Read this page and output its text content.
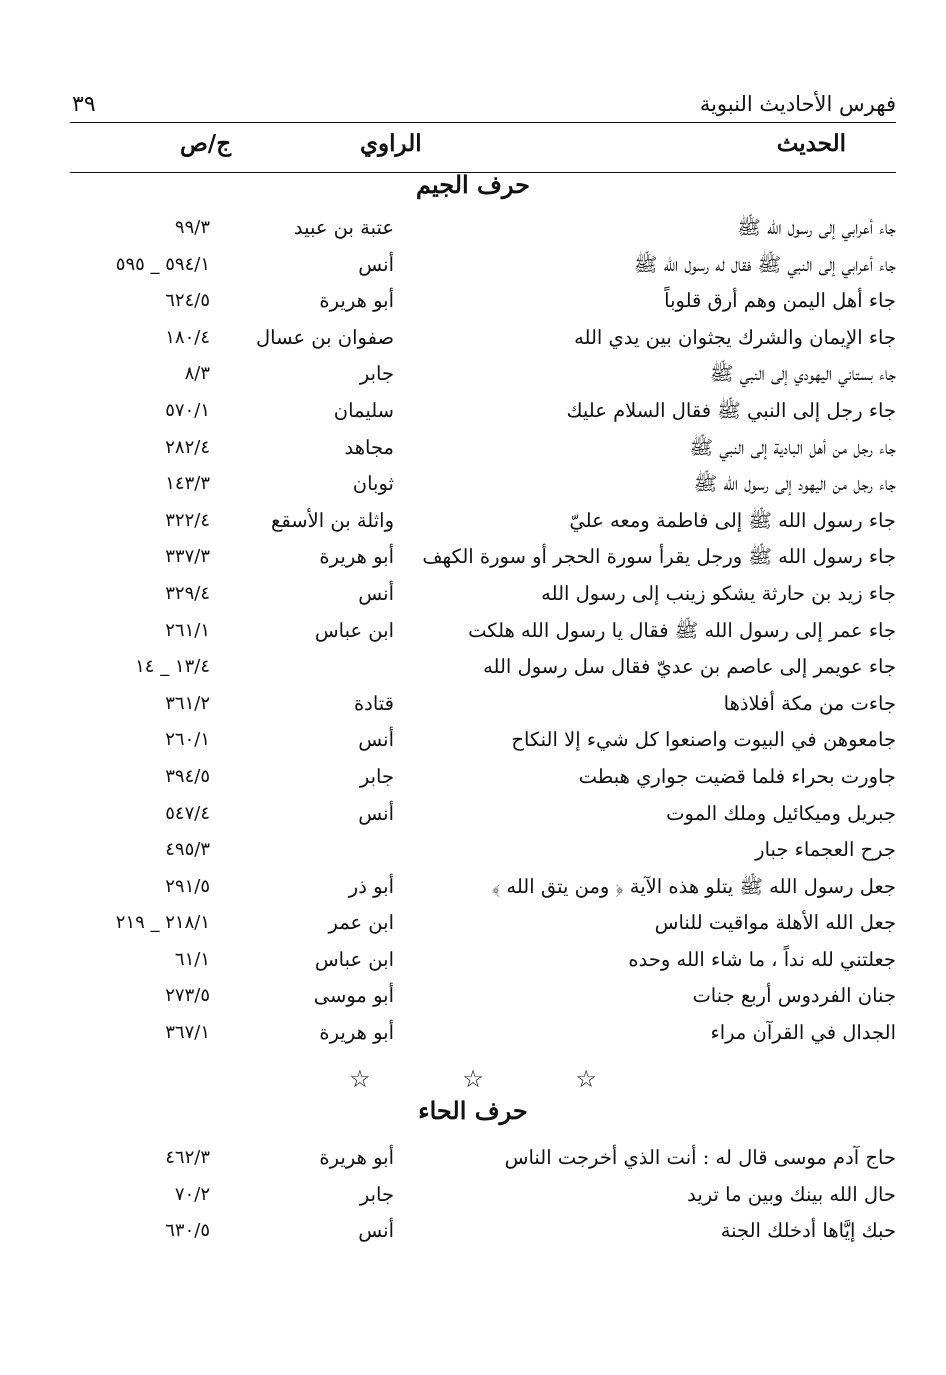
فهرس الأحاديث النبوية
٣٩
الحديث
الراوي
ج/ص
حرف الجيم
جاء أعرابي إلى رسول الله ﷺ
عتبة بن عبيد
٩٩/٣
جاء أعرابي إلى النبي ﷺ فقال له رسول الله ﷺ
أنس
٥٩٤/١ _ ٥٩٥
جاء أهل اليمن وهم أرق قلوباً
أبو هريرة
٦٢٤/٥
جاء الإيمان والشرك يجثوان بين يدي الله
صفوان بن عسال
١٨٠/٤
جاء بستاني اليهودي إلى النبي ﷺ
جابر
٨/٣
جاء رجل إلى النبي ﷺ فقال السلام عليك
سليمان
٥٧٠/١
جاء رجل من أهل البادية إلى النبي ﷺ
مجاهد
٢٨٢/٤
جاء رجل من اليهود إلى رسول الله ﷺ
ثوبان
١٤٣/٣
جاء رسول الله ﷺ إلى فاطمة ومعه عليّ
واثلة بن الأسقع
٣٢٢/٤
جاء رسول الله ﷺ ورجل يقرأ سورة الحجر أو سورة الكهف
أبو هريرة
٣٣٧/٣
جاء زيد بن حارثة يشكو زينب إلى رسول الله
أنس
٣٢٩/٤
جاء عمر إلى رسول الله ﷺ فقال يا رسول الله هلكت
ابن عباس
٢٦١/١
جاء عويمر إلى عاصم بن عديّ فقال سل رسول الله
١٣/٤ _ ١٤
جاءت من مكة أفلاذها
قتادة
٣٦١/٢
جامعوهن في البيوت واصنعوا كل شيء إلا النكاح
أنس
٢٦٠/١
جاورت بحراء فلما قضيت جواري هبطت
جابر
٣٩٤/٥
جبريل وميكائيل وملك الموت
أنس
٥٤٧/٤
جرح العجماء جبار
٤٩٥/٣
جعل رسول الله ﷺ يتلو هذه الآية ﴿ ومن يتق الله ﴾
أبو ذر
٢٩١/٥
جعل الله الأهلة مواقيت للناس
ابن عمر
٢١٨/١ _ ٢١٩
جعلتني لله نداً ، ما شاء الله وحده
ابن عباس
٦١/١
جنان الفردوس أربع جنات
أبو موسى
٢٧٣/٥
الجدال في القرآن مراء
أبو هريرة
٣٦٧/١
☆ ☆ ☆
حرف الحاء
حاج آدم موسى قال له : أنت الذي أخرجت الناس
أبو هريرة
٤٦٢/٣
حال الله بينك وبين ما تريد
جابر
٧٠/٢
حبك إيَّاها أدخلك الجنة
أنس
٦٣٠/٥
